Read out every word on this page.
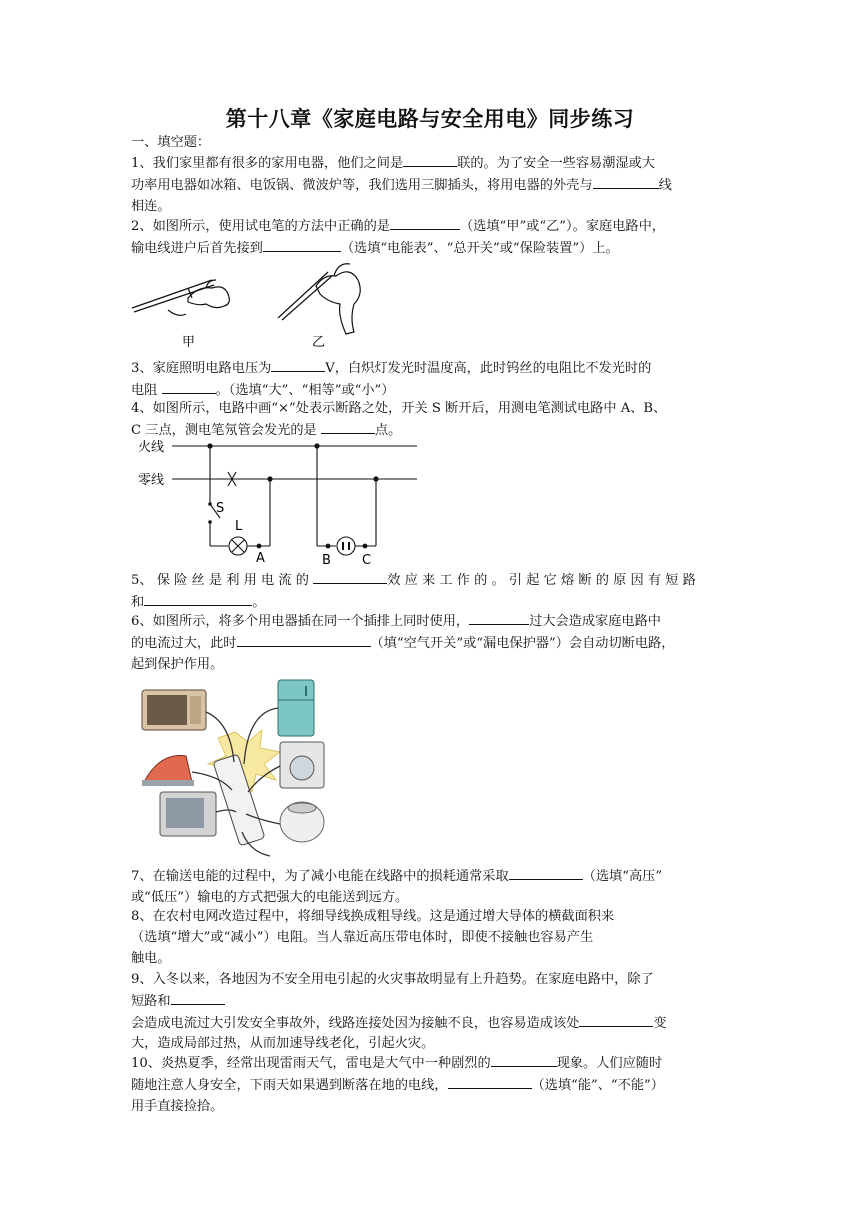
第十八章《家庭电路与安全用电》同步练习

一、填空题：

1、我们家里都有很多的家用电器，他们之间是	联的。为了安全一些容易潮湿或大
功率用电器如冰箱、电饭锅、微波炉等，我们选用三脚插头，将用电器的外壳与	线
相连。

2、如图所示，使用试电笔的方法中正确的是	（选填“甲”或“乙”）。家庭电路中，
输电线进户后首先接到	（选填“电能表”、“总开关”或“保险装置”）上。

甲	乙

3、家庭照明电路电压为	V，白炽灯发光时温度高，此时钨丝的电阻比不发光时的
电阻	。（选填“大”、“相等”或“小”）

4、如图所示，电路中画“×”处表示断路之处，开关 S 断开后，用测电笔测试电路中 A、B、
C 三点，测电笔氖管会发光的是	点。

火线
零线
S
L
A	B C

5、 保 险 丝 是 利 用 电 流 的	效 应 来 工 作 的 。 引 起 它 熔 断 的 原 因 有 短 路
和	。

6、如图所示，将多个用电器插在同一个插排上同时使用，	过大会造成家庭电路中
的电流过大，此时	（填“空气开关”或“漏电保护器”）会自动切断电路，
起到保护作用。

7、在输送电能的过程中，为了减小电能在线路中的损耗通常采取	（选填“高压”
或“低压”）输电的方式把强大的电能送到远方。

8、在农村电网改造过程中，将细导线换成粗导线。这是通过增大导体的横截面积来
（选填“增大”或“减小”）电阻。当人靠近高压带电体时，即使不接触也容易产生
触电。

9、入冬以来，各地因为不安全用电引起的火灾事故明显有上升趋势。在家庭电路中，除了
短路和
会造成电流过大引发安全事故外，线路连接处因为接触不良，也容易造成该处	变
大，造成局部过热，从而加速导线老化，引起火灾。

10、炎热夏季，经常出现雷雨天气，雷电是大气中一种剧烈的	现象。人们应随时
随地注意人身安全，下雨天如果遇到断落在地的电线，	（选填“能”、“不能”）
用手直接捡拾。
